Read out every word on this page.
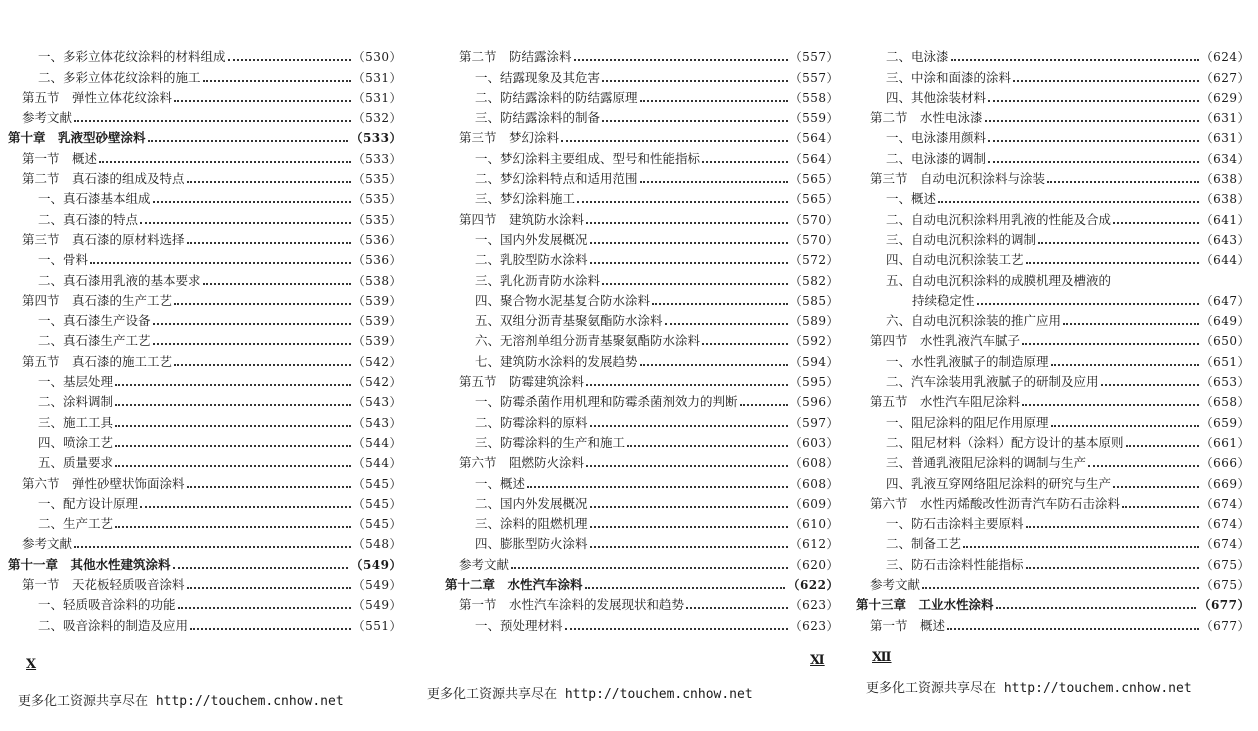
一、多彩立体花纹涂料的材料组成	（530）
二、多彩立体花纹涂料的施工	（531）
第五节　弹性立体花纹涂料	（531）
参考文献	（532）
第十章　乳液型砂壁涂料	（533）
第一节　概述	（533）
第二节　真石漆的组成及特点	（535）
一、真石漆基本组成	（535）
二、真石漆的特点	（535）
第三节　真石漆的原材料选择	（536）
一、骨料	（536）
二、真石漆用乳液的基本要求	（538）
第四节　真石漆的生产工艺	（539）
一、真石漆生产设备	（539）
二、真石漆生产工艺	（539）
第五节　真石漆的施工工艺	（542）
一、基层处理	（542）
二、涂料调制	（543）
三、施工工具	（543）
四、喷涂工艺	（544）
五、质量要求	（544）
第六节　弹性砂壁状饰面涂料	（545）
一、配方设计原理	（545）
二、生产工艺	（545）
参考文献	（548）
第十一章　其他水性建筑涂料	（549）
第一节　天花板轻质吸音涂料	（549）
一、轻质吸音涂料的功能	（549）
二、吸音涂料的制造及应用	（551）
第二节　防结露涂料	（557）
一、结露现象及其危害	（557）
二、防结露涂料的防结露原理	（558）
三、防结露涂料的制备	（559）
第三节　梦幻涂料	（564）
一、梦幻涂料主要组成、型号和性能指标	（564）
二、梦幻涂料特点和适用范围	（565）
三、梦幻涂料施工	（565）
第四节　建筑防水涂料	（570）
一、国内外发展概况	（570）
二、乳胶型防水涂料	（572）
三、乳化沥青防水涂料	（582）
四、聚合物水泥基复合防水涂料	（585）
五、双组分沥青基聚氨酯防水涂料	（589）
六、无溶剂单组分沥青基聚氨酯防水涂料	（592）
七、建筑防水涂料的发展趋势	（594）
第五节　防霉建筑涂料	（595）
一、防霉杀菌作用机理和防霉杀菌剂效力的判断	（596）
二、防霉涂料的原料	（597）
三、防霉涂料的生产和施工	（603）
第六节　阻燃防火涂料	（608）
一、概述	（608）
二、国内外发展概况	（609）
三、涂料的阻燃机理	（610）
四、膨胀型防火涂料	（612）
参考文献	（620）
第十二章　水性汽车涂料	（622）
第一节　水性汽车涂料的发展现状和趋势	（623）
一、预处理材料	（623）
二、电泳漆	（624）
三、中涂和面漆的涂料	（627）
四、其他涂装材料	（629）
第二节　水性电泳漆	（631）
一、电泳漆用颜料	（631）
二、电泳漆的调制	（634）
第三节　自动电沉积涂料与涂装	（638）
一、概述	（638）
二、自动电沉积涂料用乳液的性能及合成	（641）
三、自动电沉积涂料的调制	（643）
四、自动电沉积涂装工艺	（644）
五、自动电沉积涂料的成膜机理及槽液的
持续稳定性	（647）
六、自动电沉积涂装的推广应用	（649）
第四节　水性乳液汽车腻子	（650）
一、水性乳液腻子的制造原理	（651）
二、汽车涂装用乳液腻子的研制及应用	（653）
第五节　水性汽车阻尼涂料	（658）
一、阻尼涂料的阻尼作用原理	（659）
二、阻尼材料（涂料）配方设计的基本原则	（661）
三、普通乳液阻尼涂料的调制与生产	（666）
四、乳液互穿网络阻尼涂料的研究与生产	（669）
第六节　水性丙烯酸改性沥青汽车防石击涂料	（674）
一、防石击涂料主要原料	（674）
二、制备工艺	（674）
三、防石击涂料性能指标	（675）
参考文献	（675）
第十三章　工业水性涂料	（677）
第一节　概述	（677）
Ⅹ	Ⅺ	Ⅻ
更多化工资源共享尽在 http://touchem.cnhow.net	更多化工资源共享尽在 http://touchem.cnhow.net	更多化工资源共享尽在 http://touchem.cnhow.net
